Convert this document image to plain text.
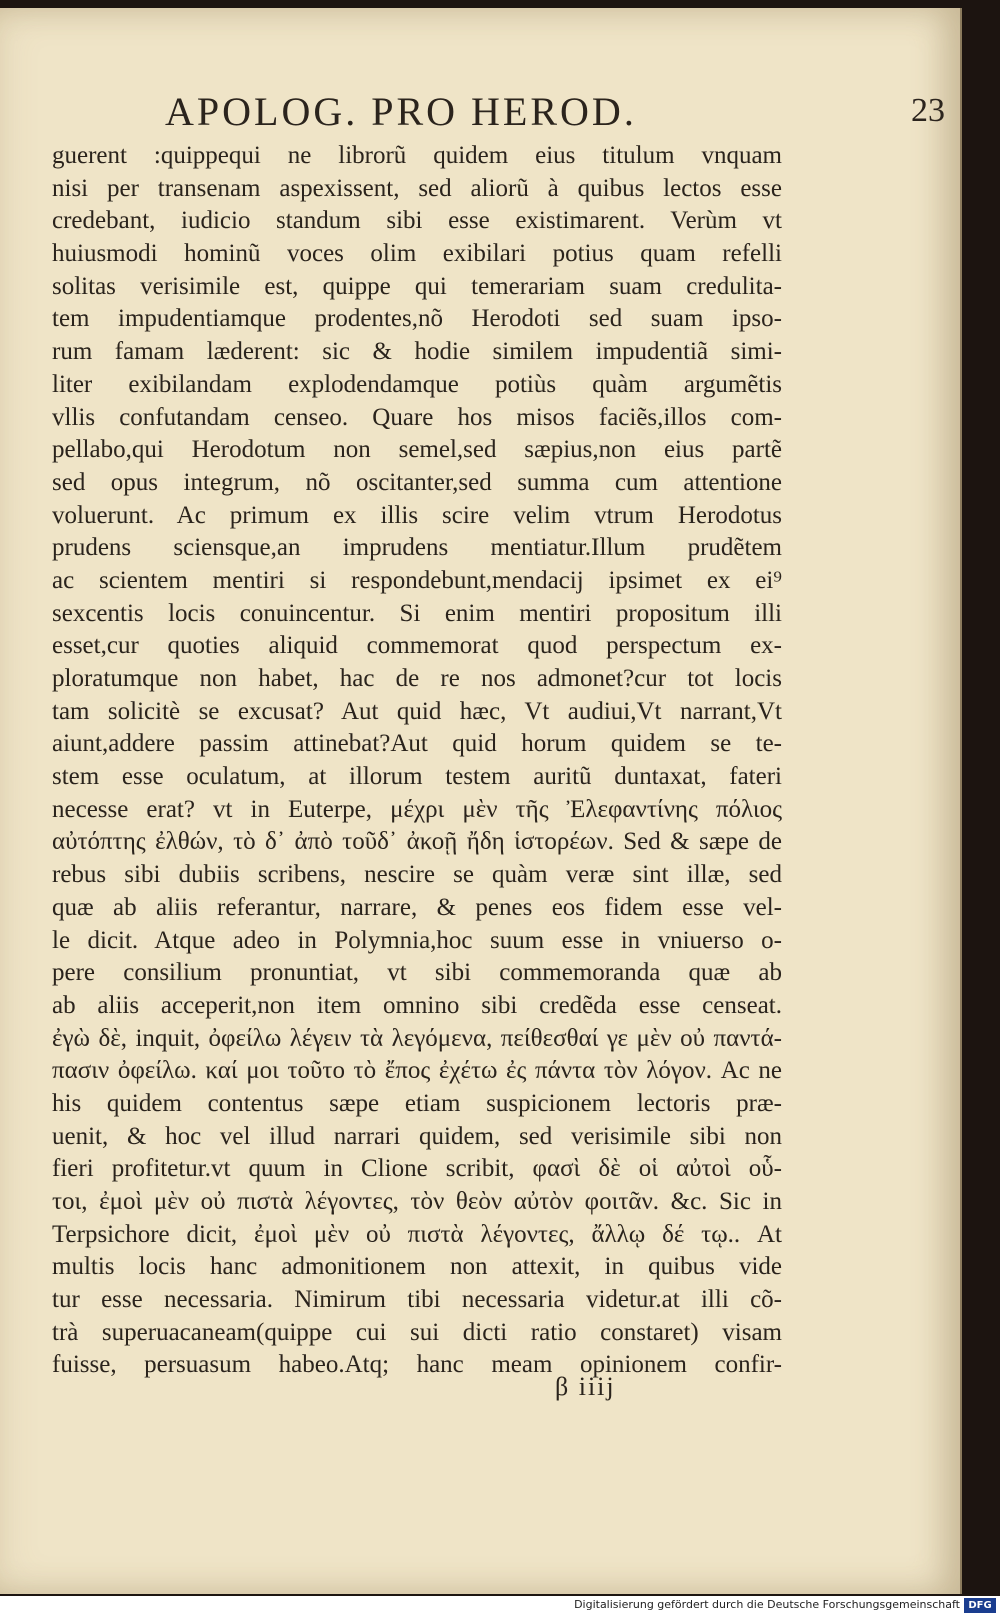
APOLOG. PRO HEROD.	23
guerent :quippequi ne librorũ quidem eius titulum vnquam
nisi per transenam aspexissent, sed aliorũ à quibus lectos esse
credebant, iudicio standum sibi esse existimarent. Verùm vt
huiusmodi hominũ voces olim exibilari potius quam refelli
solitas verisimile est, quippe qui temerariam suam credulita-
tem impudentiamque prodentes,nõ Herodoti sed suam ipso-
rum famam læderent: sic & hodie similem impudentiã simi-
liter exibilandam explodendamque potiùs quàm argumẽtis
vllis confutandam censeo. Quare hos misos faciẽs,illos com-
pellabo,qui Herodotum non semel,sed sæpius,non eius partẽ
sed opus integrum, nõ oscitanter,sed summa cum attentione
voluerunt. Ac primum ex illis scire velim vtrum Herodotus
prudens sciensque,an imprudens mentiatur.Illum prudẽtem
ac scientem mentiri si respondebunt,mendacij ipsimet ex ei⁹
sexcentis locis conuincentur. Si enim mentiri propositum illi
esset,cur quoties aliquid commemorat quod perspectum ex-
ploratumque non habet, hac de re nos admonet?cur tot locis
tam solicitè se excusat? Aut quid hæc, Vt audiui,Vt narrant,Vt
aiunt,addere passim attinebat?Aut quid horum quidem se te-
stem esse oculatum, at illorum testem auritũ duntaxat, fateri
necesse erat? vt in Euterpe, μέχρι μὲν τῆς Ἐλεφαντίνης πόλιος
αὐτόπτης ἐλθών, τὸ δ᾽ ἀπὸ τοῦδ᾽ ἀκοῇ ἤδη ἱστορέων. Sed & sæpe de
rebus sibi dubiis scribens, nescire se quàm veræ sint illæ, sed
quæ ab aliis referantur, narrare, & penes eos fidem esse vel-
le dicit. Atque adeo in Polymnia,hoc suum esse in vniuerso o-
pere consilium pronuntiat, vt sibi commemoranda quæ ab
ab aliis acceperit,non item omnino sibi credẽda esse censeat.
ἐγὼ δὲ, inquit, ὀφείλω λέγειν τὰ λεγόμενα, πείθεσθαί γε μὲν οὐ παντά-
πασιν ὀφείλω. καί μοι τοῦτο τὸ ἔπος ἐχέτω ἐς πάντα τὸν λόγον. Ac ne
his quidem contentus sæpe etiam suspicionem lectoris præ-
uenit, & hoc vel illud narrari quidem, sed verisimile sibi non
fieri profitetur.vt quum in Clione scribit, φασὶ δὲ οἱ αὐτοὶ οὗ-
τοι, ἐμοὶ μὲν οὐ πιστὰ λέγοντες, τὸν θεὸν αὐτὸν φοιτᾶν. &c. Sic in
Terpsichore dicit, ἐμοὶ μὲν οὐ πιστὰ λέγοντες, ἄλλῳ δέ τῳ.. At
multis locis hanc admonitionem non attexit, in quibus vide
tur esse necessaria. Nimirum tibi necessaria videtur.at illi cõ-
trà superuacaneam(quippe cui sui dicti ratio constaret) visam
fuisse, persuasum habeo.Atq; hanc meam opinionem confir-
β iiij
Digitalisierung gefördert durch die Deutsche Forschungsgemeinschaft DFG
